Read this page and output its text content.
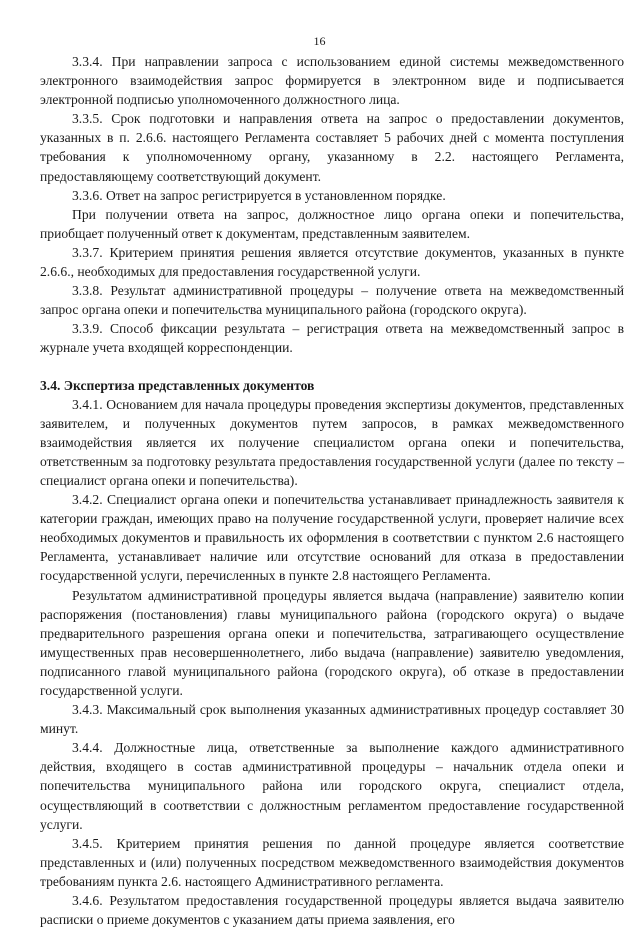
16

3.3.4. При направлении запроса с использованием единой системы межведомственного электронного взаимодействия запрос формируется в электронном виде и подписывается электронной подписью уполномоченного должностного лица.

3.3.5. Срок подготовки и направления ответа на запрос о предоставлении документов, указанных в п. 2.6.6. настоящего Регламента составляет 5 рабочих дней с момента поступления требования к уполномоченному органу, указанному в 2.2. настоящего Регламента, предоставляющему соответствующий документ.

3.3.6. Ответ на запрос регистрируется в установленном порядке.

При получении ответа на запрос, должностное лицо органа опеки и попечительства, приобщает полученный ответ к документам, представленным заявителем.

3.3.7. Критерием принятия решения является отсутствие документов, указанных в пункте 2.6.6., необходимых для предоставления государственной услуги.

3.3.8. Результат административной процедуры – получение ответа на межведомственный запрос органа опеки и попечительства муниципального района (городского округа).

3.3.9. Способ фиксации результата – регистрация ответа на межведомственный запрос в журнале учета входящей корреспонденции.

3.4. Экспертиза представленных документов

3.4.1. Основанием для начала процедуры проведения экспертизы документов, представленных заявителем, и полученных документов путем запросов, в рамках межведомственного взаимодействия является их получение специалистом органа опеки и попечительства, ответственным за подготовку результата предоставления государственной услуги (далее по тексту – специалист органа опеки и попечительства).

3.4.2. Специалист органа опеки и попечительства устанавливает принадлежность заявителя к категории граждан, имеющих право на получение государственной услуги, проверяет наличие всех необходимых документов и правильность их оформления в соответствии с пунктом 2.6 настоящего Регламента, устанавливает наличие или отсутствие оснований для отказа в предоставлении государственной услуги, перечисленных в пункте 2.8 настоящего Регламента.

Результатом административной процедуры является выдача (направление) заявителю копии распоряжения (постановления) главы муниципального района (городского округа) о выдаче предварительного разрешения органа опеки и попечительства, затрагивающего осуществление имущественных прав несовершеннолетнего, либо выдача (направление) заявителю уведомления, подписанного главой муниципального района (городского округа), об отказе в предоставлении государственной услуги.

3.4.3. Максимальный срок выполнения указанных административных процедур составляет 30 минут.

3.4.4. Должностные лица, ответственные за выполнение каждого административного действия, входящего в состав административной процедуры – начальник отдела опеки и попечительства муниципального района или городского округа, специалист отдела, осуществляющий в соответствии с должностным регламентом предоставление государственной услуги.

3.4.5. Критерием принятия решения по данной процедуре является соответствие представленных и (или) полученных посредством межведомственного взаимодействия документов требованиям пункта 2.6. настоящего Административного регламента.

3.4.6. Результатом предоставления государственной процедуры является выдача заявителю расписки о приеме документов с указанием даты приема заявления, его
